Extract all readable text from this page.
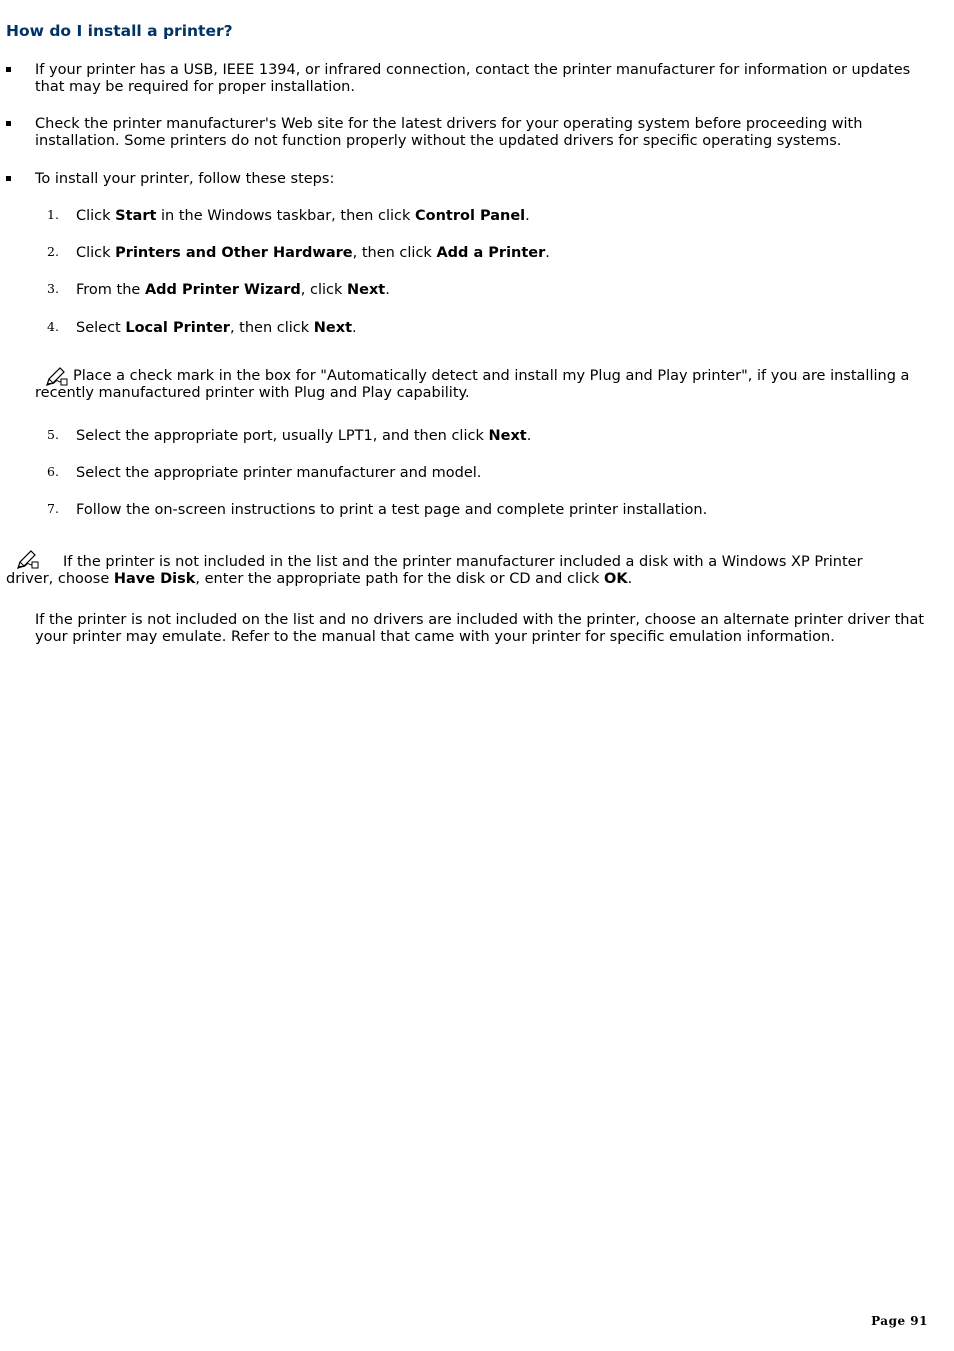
How do I install a printer?
If your printer has a USB, IEEE 1394, or infrared connection, contact the printer manufacturer for information or updates that may be required for proper installation.
Check the printer manufacturer's Web site for the latest drivers for your operating system before proceeding with installation. Some printers do not function properly without the updated drivers for specific operating systems.
To install your printer, follow these steps:
1. Click Start in the Windows taskbar, then click Control Panel.
2. Click Printers and Other Hardware, then click Add a Printer.
3. From the Add Printer Wizard, click Next.
4. Select Local Printer, then click Next.
Place a check mark in the box for "Automatically detect and install my Plug and Play printer", if you are installing a recently manufactured printer with Plug and Play capability.
5. Select the appropriate port, usually LPT1, and then click Next.
6. Select the appropriate printer manufacturer and model.
7. Follow the on-screen instructions to print a test page and complete printer installation.
If the printer is not included in the list and the printer manufacturer included a disk with a Windows XP Printer driver, choose Have Disk, enter the appropriate path for the disk or CD and click OK.
If the printer is not included on the list and no drivers are included with the printer, choose an alternate printer driver that your printer may emulate. Refer to the manual that came with your printer for specific emulation information.
Page 91
